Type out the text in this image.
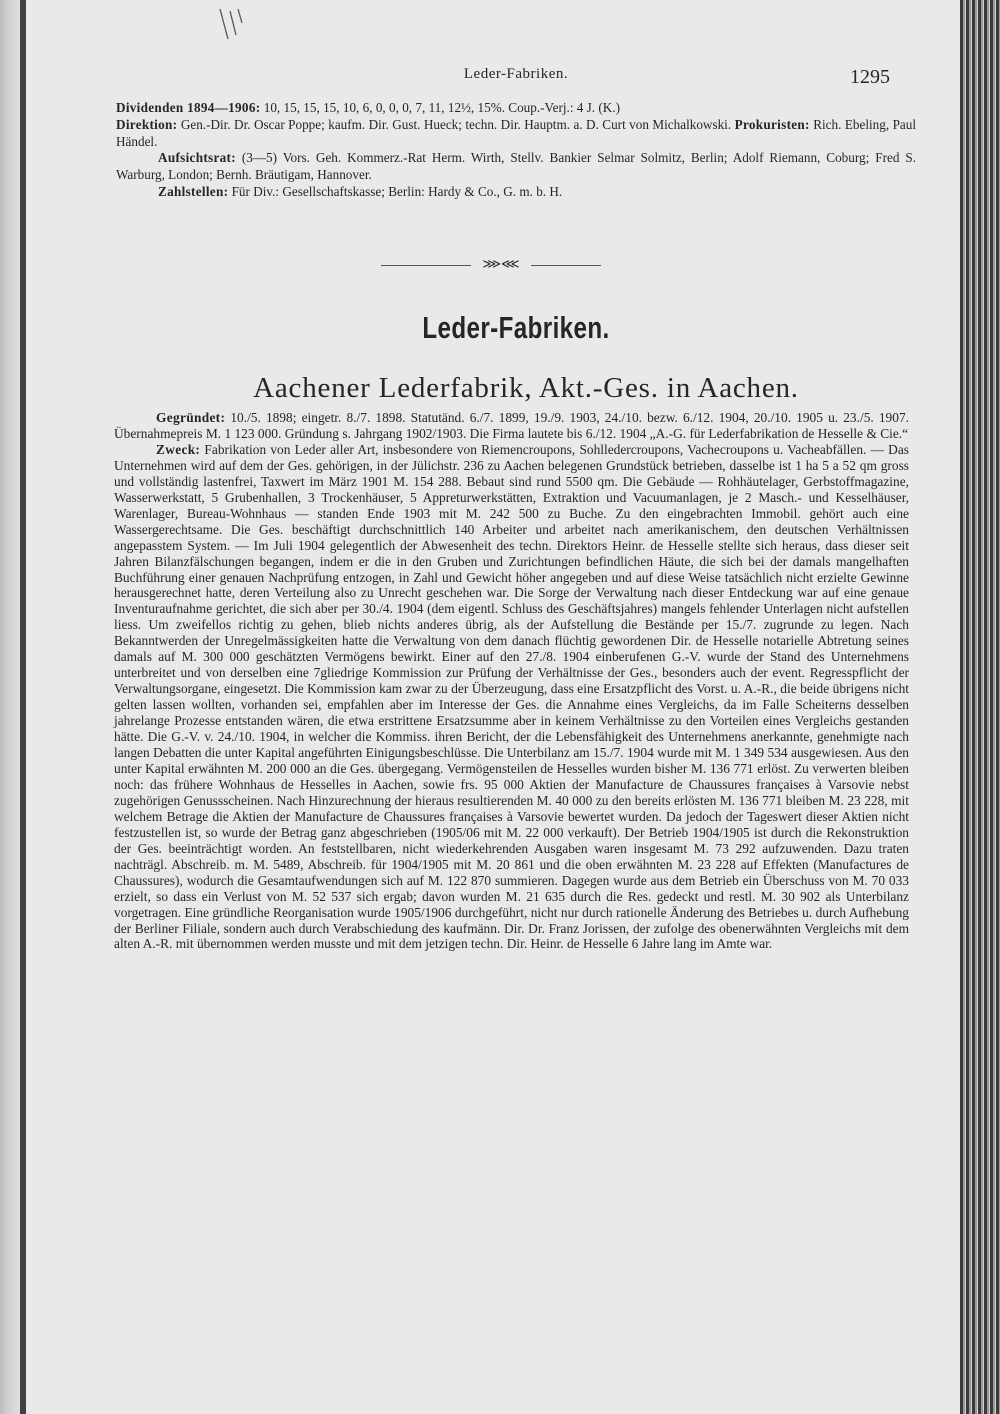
Leder-Fabriken.	1295

Dividenden 1894—1906: 10, 15, 15, 15, 10, 6, 0, 0, 0, 7, 11, 12½, 15%. Coup.-Verj.: 4 J. (K.)

Direktion: Gen.-Dir. Dr. Oscar Poppe; kaufm. Dir. Gust. Hueck; techn. Dir. Hauptm. a. D. Curt von Michalkowski. Prokuristen: Rich. Ebeling, Paul Händel.

Aufsichtsrat: (3—5) Vors. Geh. Kommerz.-Rat Herm. Wirth, Stellv. Bankier Selmar Solmitz, Berlin; Adolf Riemann, Coburg; Fred S. Warburg, London; Bernh. Bräutigam, Hannover.

Zahlstellen: Für Div.: Gesellschaftskasse; Berlin: Hardy & Co., G. m. b. H.

⋙⋘
Leder-Fabriken.
Aachener Lederfabrik, Akt.-Ges. in Aachen.

Gegründet: 10./5. 1898; eingetr. 8./7. 1898. Statutänd. 6./7. 1899, 19./9. 1903, 24./10. bezw. 6./12. 1904, 20./10. 1905 u. 23./5. 1907. Übernahmepreis M. 1 123 000. Gründung s. Jahrgang 1902/1903. Die Firma lautete bis 6./12. 1904 „A.-G. für Lederfabrikation de Hesselle & Cie.“

Zweck: Fabrikation von Leder aller Art, insbesondere von Riemencroupons, Sohlledercroupons, Vachecroupons u. Vacheabfällen. — Das Unternehmen wird auf dem der Ges. gehörigen, in der Jülichstr. 236 zu Aachen belegenen Grundstück betrieben, dasselbe ist 1 ha 5 a 52 qm gross und vollständig lastenfrei, Taxwert im März 1901 M. 154 288. Bebaut sind rund 5500 qm. Die Gebäude — Rohhäutelager, Gerbstoffmagazine, Wasserwerkstatt, 5 Grubenhallen, 3 Trockenhäuser, 5 Appreturwerkstätten, Extraktion und Vacuumanlagen, je 2 Masch.- und Kesselhäuser, Warenlager, Bureau-Wohnhaus — standen Ende 1903 mit M. 242 500 zu Buche. Zu den eingebrachten Immobil. gehört auch eine Wassergerechtsame. Die Ges. beschäftigt durchschnittlich 140 Arbeiter und arbeitet nach amerikanischem, den deutschen Verhältnissen angepasstem System. — Im Juli 1904 gelegentlich der Abwesenheit des techn. Direktors Heinr. de Hesselle stellte sich heraus, dass dieser seit Jahren Bilanzfälschungen begangen, indem er die in den Gruben und Zurichtungen befindlichen Häute, die sich bei der damals mangelhaften Buchführung einer genauen Nachprüfung entzogen, in Zahl und Gewicht höher angegeben und auf diese Weise tatsächlich nicht erzielte Gewinne herausgerechnet hatte, deren Verteilung also zu Unrecht geschehen war. Die Sorge der Verwaltung nach dieser Entdeckung war auf eine genaue Inventuraufnahme gerichtet, die sich aber per 30./4. 1904 (dem eigentl. Schluss des Geschäftsjahres) mangels fehlender Unterlagen nicht aufstellen liess. Um zweifellos richtig zu gehen, blieb nichts anderes übrig, als der Aufstellung die Bestände per 15./7. zugrunde zu legen. Nach Bekanntwerden der Unregelmässigkeiten hatte die Verwaltung von dem danach flüchtig gewordenen Dir. de Hesselle notarielle Abtretung seines damals auf M. 300 000 geschätzten Vermögens bewirkt. Einer auf den 27./8. 1904 einberufenen G.-V. wurde der Stand des Unternehmens unterbreitet und von derselben eine 7gliedrige Kommission zur Prüfung der Verhältnisse der Ges., besonders auch der event. Regresspflicht der Verwaltungsorgane, eingesetzt. Die Kommission kam zwar zu der Überzeugung, dass eine Ersatzpflicht des Vorst. u. A.-R., die beide übrigens nicht gelten lassen wollten, vorhanden sei, empfahlen aber im Interesse der Ges. die Annahme eines Vergleichs, da im Falle Scheiterns desselben jahrelange Prozesse entstanden wären, die etwa erstrittene Ersatzsumme aber in keinem Verhältnisse zu den Vorteilen eines Vergleichs gestanden hätte. Die G.-V. v. 24./10. 1904, in welcher die Kommiss. ihren Bericht, der die Lebensfähigkeit des Unternehmens anerkannte, genehmigte nach langen Debatten die unter Kapital angeführten Einigungsbeschlüsse. Die Unterbilanz am 15./7. 1904 wurde mit M. 1 349 534 ausgewiesen. Aus den unter Kapital erwähnten M. 200 000 an die Ges. übergegang. Vermögensteilen de Hesselles wurden bisher M. 136 771 erlöst. Zu verwerten bleiben noch: das frühere Wohnhaus de Hesselles in Aachen, sowie frs. 95 000 Aktien der Manufacture de Chaussures françaises à Varsovie nebst zugehörigen Genussscheinen. Nach Hinzurechnung der hieraus resultierenden M. 40 000 zu den bereits erlösten M. 136 771 bleiben M. 23 228, mit welchem Betrage die Aktien der Manufacture de Chaussures françaises à Varsovie bewertet wurden. Da jedoch der Tageswert dieser Aktien nicht festzustellen ist, so wurde der Betrag ganz abgeschrieben (1905/06 mit M. 22 000 verkauft). Der Betrieb 1904/1905 ist durch die Rekonstruktion der Ges. beeinträchtigt worden. An feststellbaren, nicht wiederkehrenden Ausgaben waren insgesamt M. 73 292 aufzuwenden. Dazu traten nachträgl. Abschreib. m. M. 5489, Abschreib. für 1904/1905 mit M. 20 861 und die oben erwähnten M. 23 228 auf Effekten (Manufactures de Chaussures), wodurch die Gesamtaufwendungen sich auf M. 122 870 summieren. Dagegen wurde aus dem Betrieb ein Überschuss von M. 70 033 erzielt, so dass ein Verlust von M. 52 537 sich ergab; davon wurden M. 21 635 durch die Res. gedeckt und restl. M. 30 902 als Unterbilanz vorgetragen. Eine gründliche Reorganisation wurde 1905/1906 durchgeführt, nicht nur durch rationelle Änderung des Betriebes u. durch Aufhebung der Berliner Filiale, sondern auch durch Verabschiedung des kaufmänn. Dir. Dr. Franz Jorissen, der zufolge des obenerwähnten Vergleichs mit dem alten A.-R. mit übernommen werden musste und mit dem jetzigen techn. Dir. Heinr. de Hesselle 6 Jahre lang im Amte war.
